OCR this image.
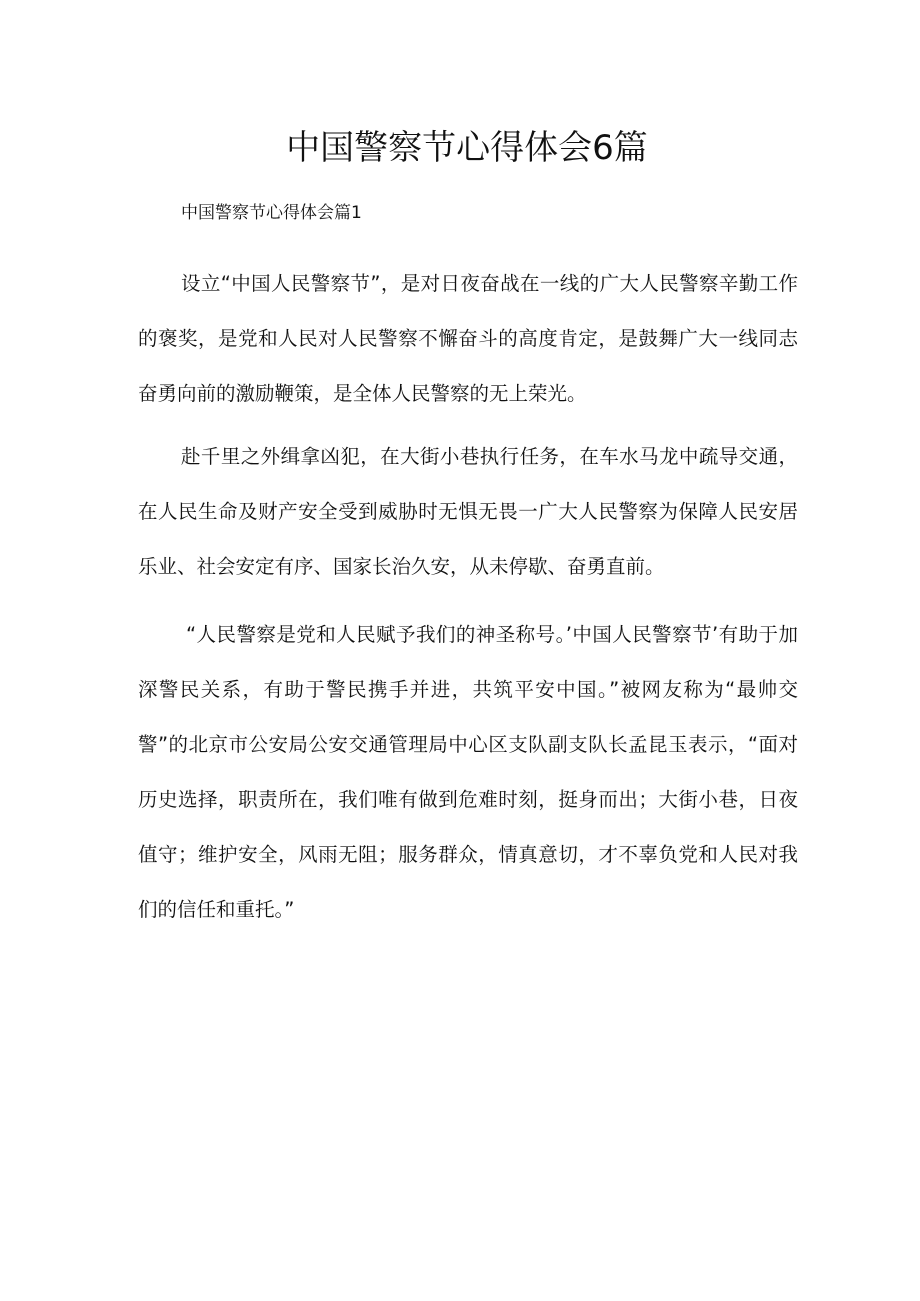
中国警察节心得体会6篇

中国警察节心得体会篇1

设立“中国人民警察节”，是对日夜奋战在一线的广大人民警察辛勤工作的褒奖，是党和人民对人民警察不懈奋斗的高度肯定，是鼓舞广大一线同志奋勇向前的激励鞭策，是全体人民警察的无上荣光。

赴千里之外缉拿凶犯，在大街小巷执行任务，在车水马龙中疏导交通，在人民生命及财产安全受到威胁时无惧无畏一广大人民警察为保障人民安居乐业、社会安定有序、国家长治久安，从未停歇、奋勇直前。

“人民警察是党和人民赋予我们的神圣称号。’中国人民警察节’有助于加深警民关系，有助于警民携手并进，共筑平安中国。”被网友称为“最帅交警”的北京市公安局公安交通管理局中心区支队副支队长孟昆玉表示，“面对历史选择，职责所在，我们唯有做到危难时刻，挺身而出；大街小巷，日夜值守；维护安全，风雨无阻；服务群众，情真意切，才不辜负党和人民对我们的信任和重托。”
